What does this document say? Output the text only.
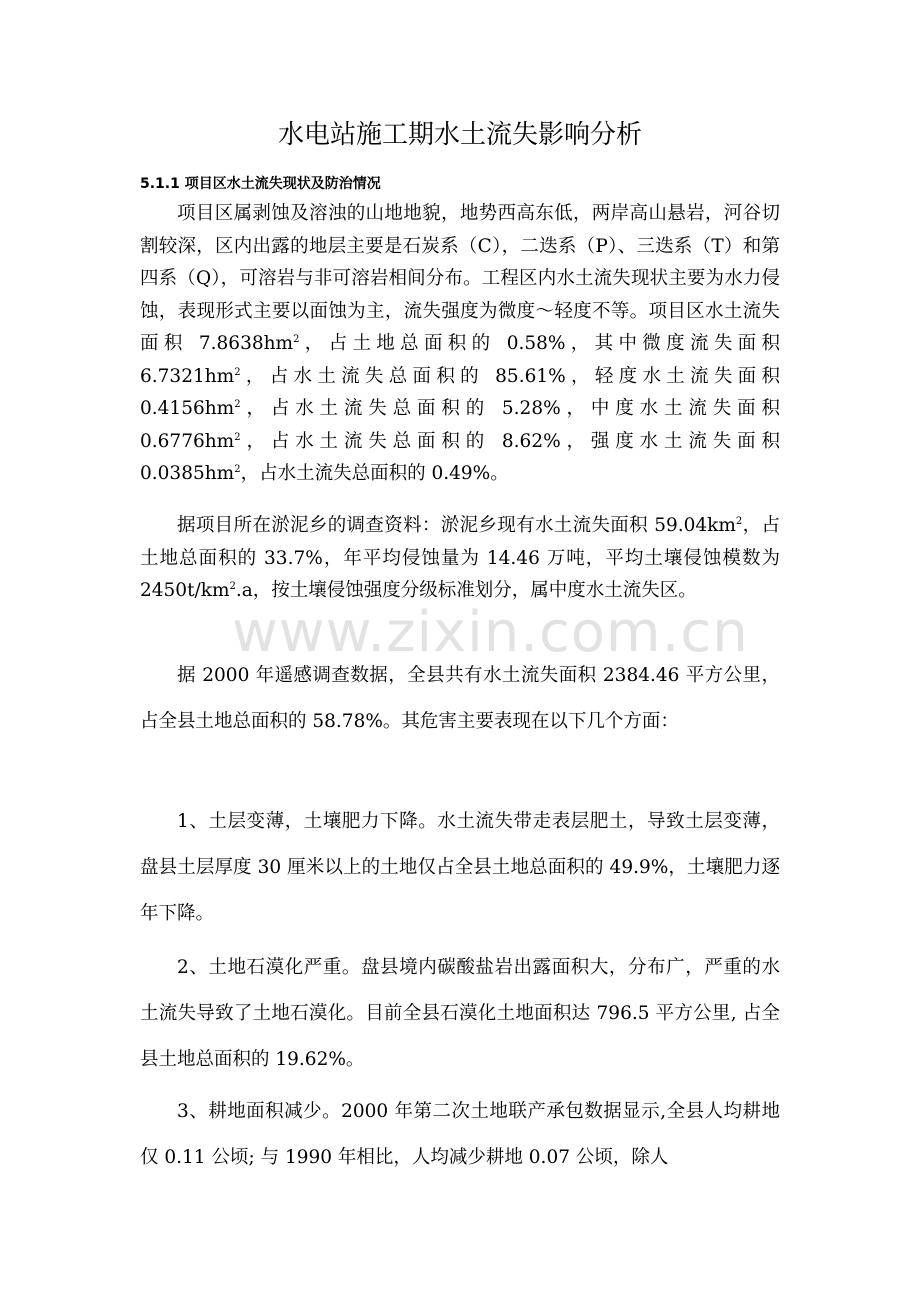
水电站施工期水土流失影响分析
5.1.1 项目区水土流失现状及防治情况

项目区属剥蚀及溶浊的山地地貌，地势西高东低，两岸高山悬岩，河谷切割较深，区内出露的地层主要是石炭系（C），二迭系（P）、三迭系（T）和第四系（Q），可溶岩与非可溶岩相间分布。工程区内水土流失现状主要为水力侵蚀，表现形式主要以面蚀为主，流失强度为微度～轻度不等。项目区水土流失面积 $7.8638hm^2$，占土地总面积的 0.58%，其中微度流失面积 $6.7321hm^2$，占水土流失总面积的 85.61%，轻度水土流失面积 $0.4156hm^2$，占水土流失总面积的 5.28%，中度水土流失面积 $0.6776hm^2$，占水土流失总面积的 8.62%，强度水土流失面积 $0.0385hm^2$，占水土流失总面积的 0.49%。

据项目所在淤泥乡的调查资料：淤泥乡现有水土流失面积 $59.04km^2$，占土地总面积的 33.7%，年平均侵蚀量为 14.46 万吨，平均土壤侵蚀模数为 $2450t/km^2.a$，按土壤侵蚀强度分级标准划分，属中度水土流失区。

据 2000 年遥感调查数据，全县共有水土流失面积 2384.46 平方公里，占全县土地总面积的 58.78%。其危害主要表现在以下几个方面：

1、土层变薄，土壤肥力下降。水土流失带走表层肥土，导致土层变薄，盘县土层厚度 30 厘米以上的土地仅占全县土地总面积的 49.9%，土壤肥力逐年下降。

2、土地石漠化严重。盘县境内碳酸盐岩出露面积大，分布广，严重的水土流失导致了土地石漠化。目前全县石漠化土地面积达 796.5 平方公里, 占全县土地总面积的 19.62%。

3、耕地面积减少。2000 年第二次土地联产承包数据显示,全县人均耕地仅 0.11 公顷; 与 1990 年相比，人均减少耕地 0.07 公顷，除人

www.zixin.com.cn
